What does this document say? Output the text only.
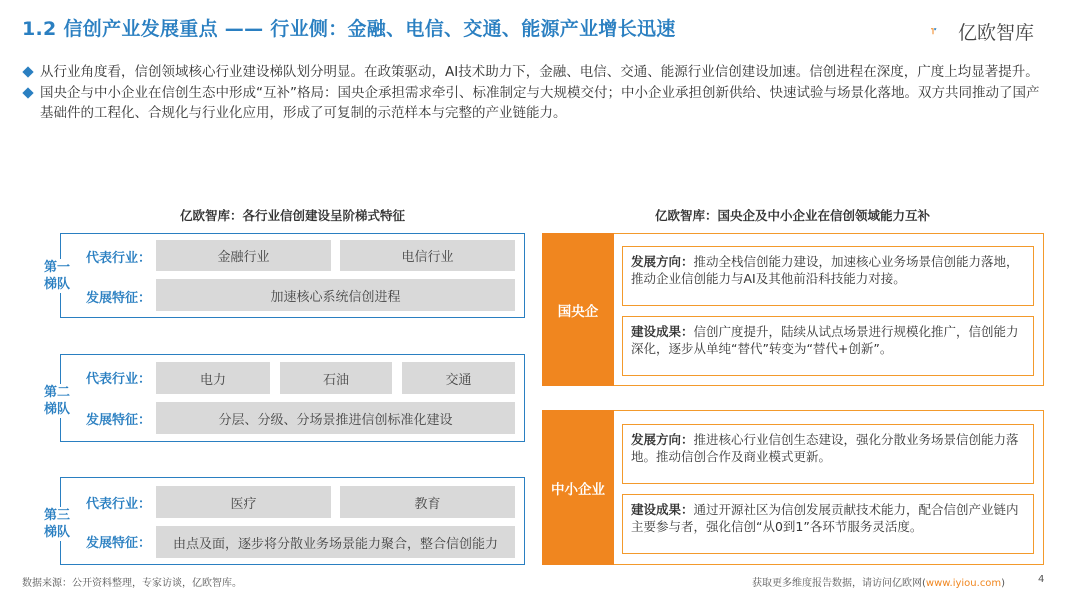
1.2 信创产业发展重点 —— 行业侧：金融、电信、交通、能源产业增长迅速	亿欧智库
从行业角度看，信创领域核心行业建设梯队划分明显。在政策驱动，AI技术助力下，金融、电信、交通、能源行业信创建设加速。信创进程在深度，广度上均显著提升。
国央企与中小企业在信创生态中形成“互补”格局：国央企承担需求牵引、标准制定与大规模交付；中小企业承担创新供给、快速试验与场景化落地。双方共同推动了国产基础件的工程化、合规化与行业化应用，形成了可复制的示范样本与完整的产业链能力。
亿欧智库：各行业信创建设呈阶梯式特征
第一
梯队
代表行业：	金融行业	电信行业
发展特征：	加速核心系统信创进程
第二
梯队
代表行业：	电力	石油	交通
发展特征：	分层、分级、分场景推进信创标准化建设
第三
梯队
代表行业：	医疗	教育
发展特征：	由点及面，逐步将分散业务场景能力聚合，整合信创能力
亿欧智库：国央企及中小企业在信创领域能力互补
国央企
发展方向：推动全栈信创能力建设，加速核心业务场景信创能力落地，推动企业信创能力与AI及其他前沿科技能力对接。
建设成果：信创广度提升，陆续从试点场景进行规模化推广，信创能力深化，逐步从单纯“替代”转变为“替代+创新”。
中小企业
发展方向：推进核心行业信创生态建设，强化分散业务场景信创能力落地。推动信创合作及商业模式更新。
建设成果：通过开源社区为信创发展贡献技术能力，配合信创产业链内主要参与者，强化信创“从0到1”各环节服务灵活度。
数据来源：公开资料整理，专家访谈，亿欧智库。	获取更多维度报告数据，请访问亿欧网(www.iyiou.com)	4
